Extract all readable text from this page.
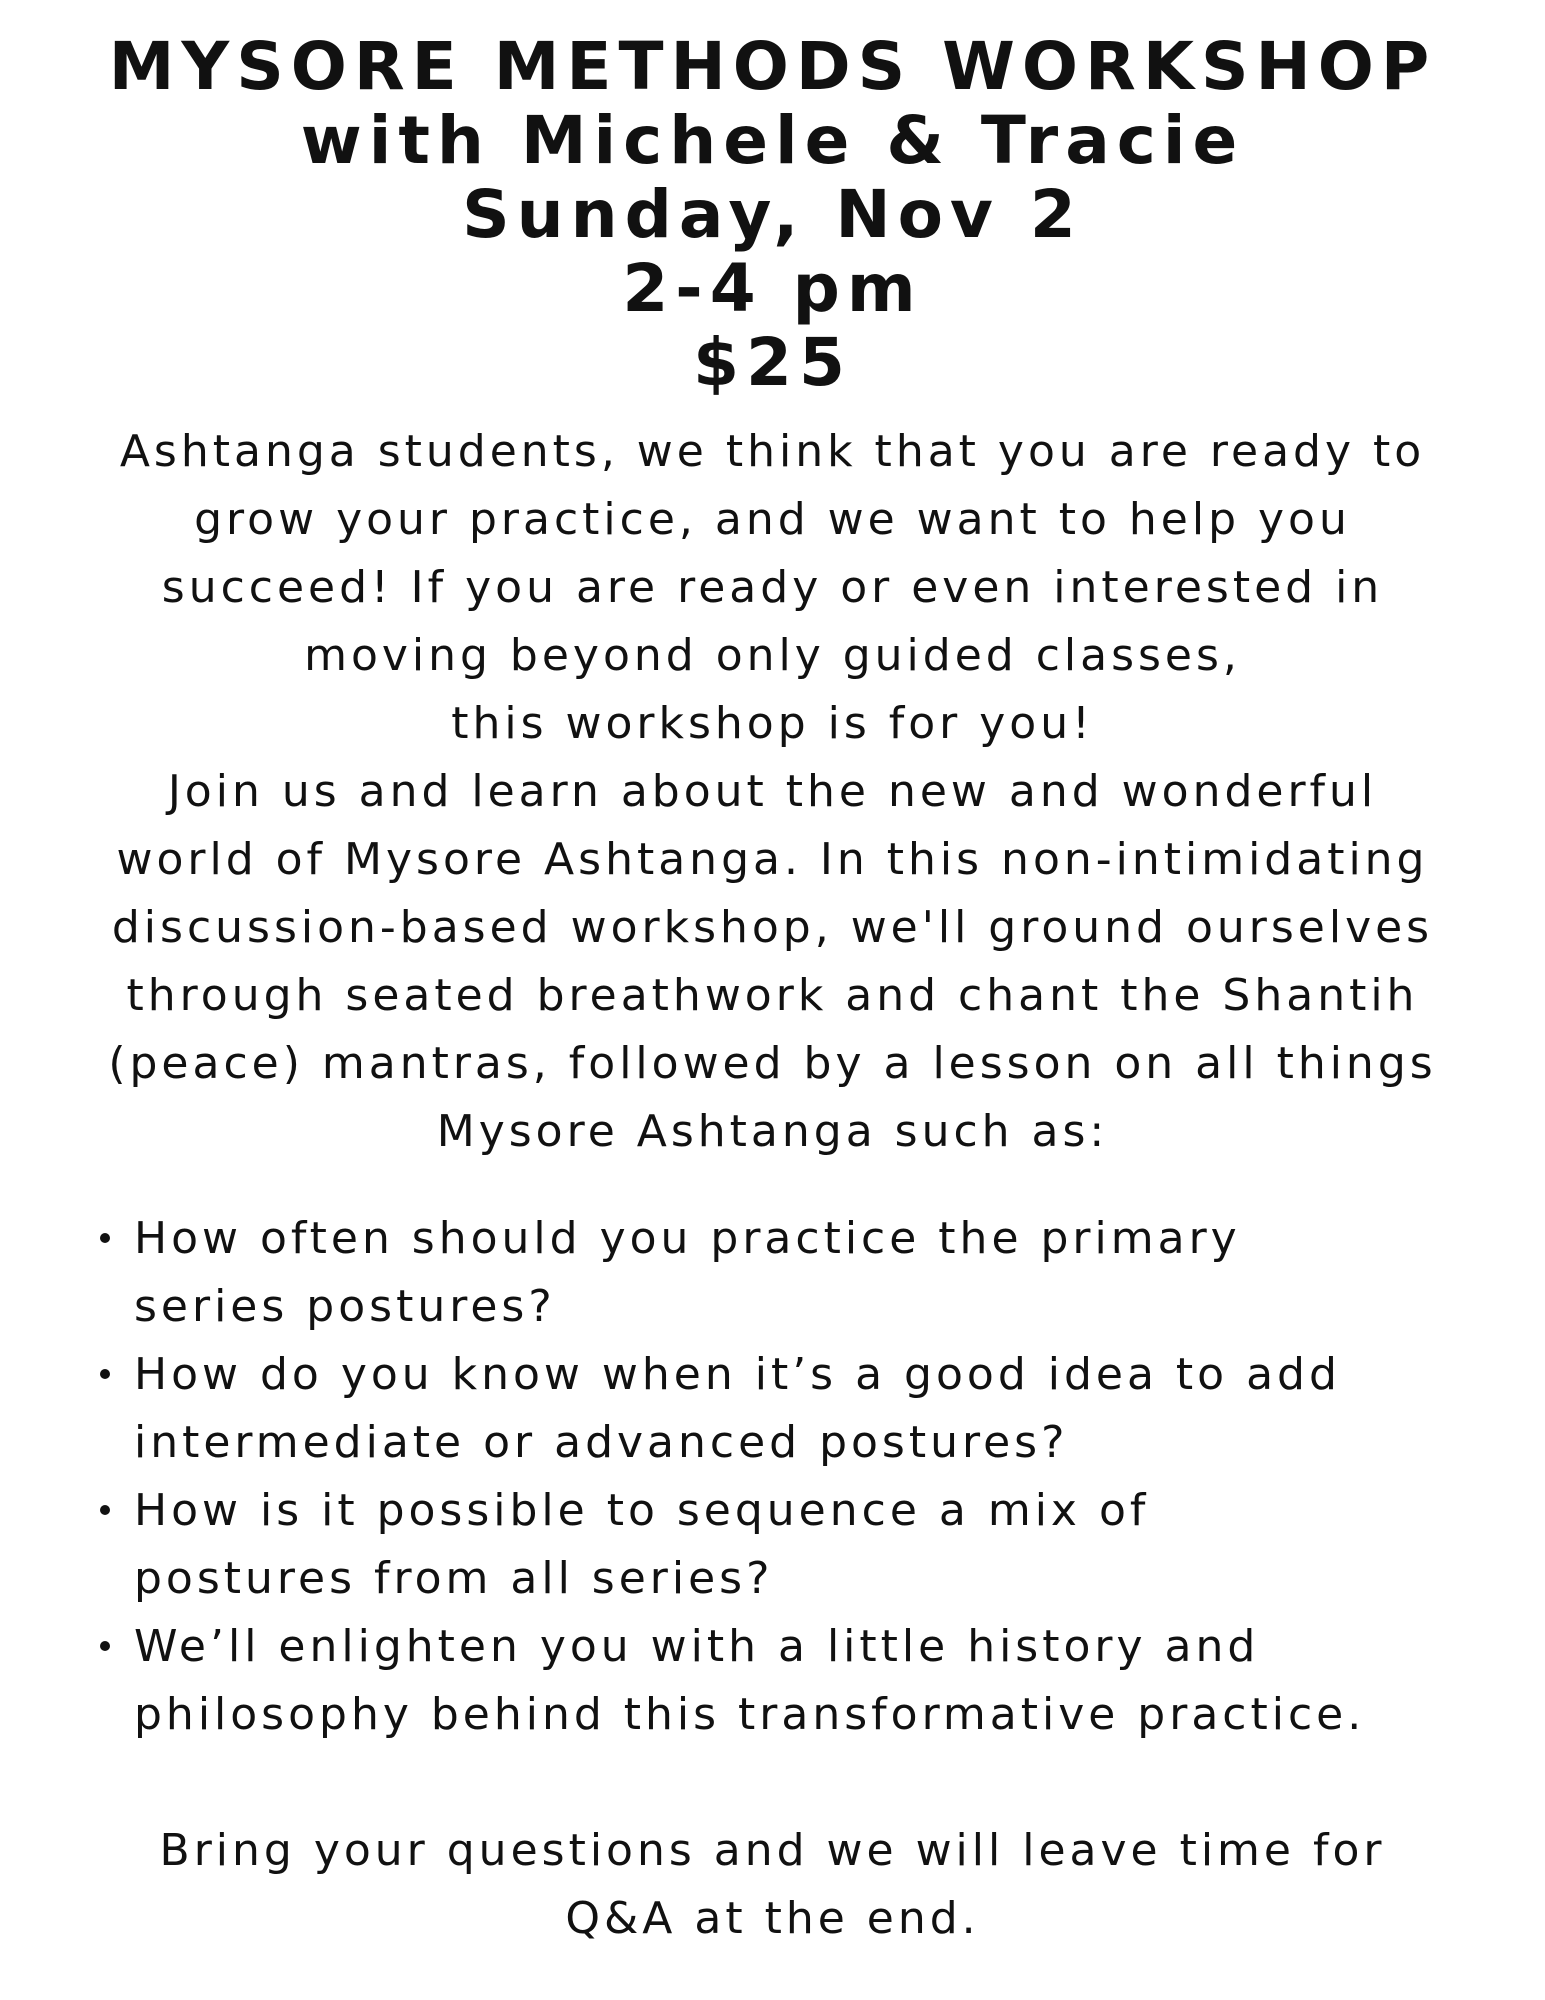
MYSORE METHODS WORKSHOP
with Michele & Tracie
Sunday, Nov 2
2-4 pm
$25
Ashtanga students, we think that you are ready to
grow your practice, and we want to help you
succeed! If you are ready or even interested in
moving beyond only guided classes,
this workshop is for you!
Join us and learn about the new and wonderful
world of Mysore Ashtanga. In this non-intimidating
discussion-based workshop, we'll ground ourselves
through seated breathwork and chant the Shantih
(peace) mantras, followed by a lesson on all things
Mysore Ashtanga such as:
How often should you practice the primary
series postures?
How do you know when it’s a good idea to add
intermediate or advanced postures?
How is it possible to sequence a mix of
postures from all series?
We’ll enlighten you with a little history and
philosophy behind this transformative practice.
Bring your questions and we will leave time for
Q&A at the end.
